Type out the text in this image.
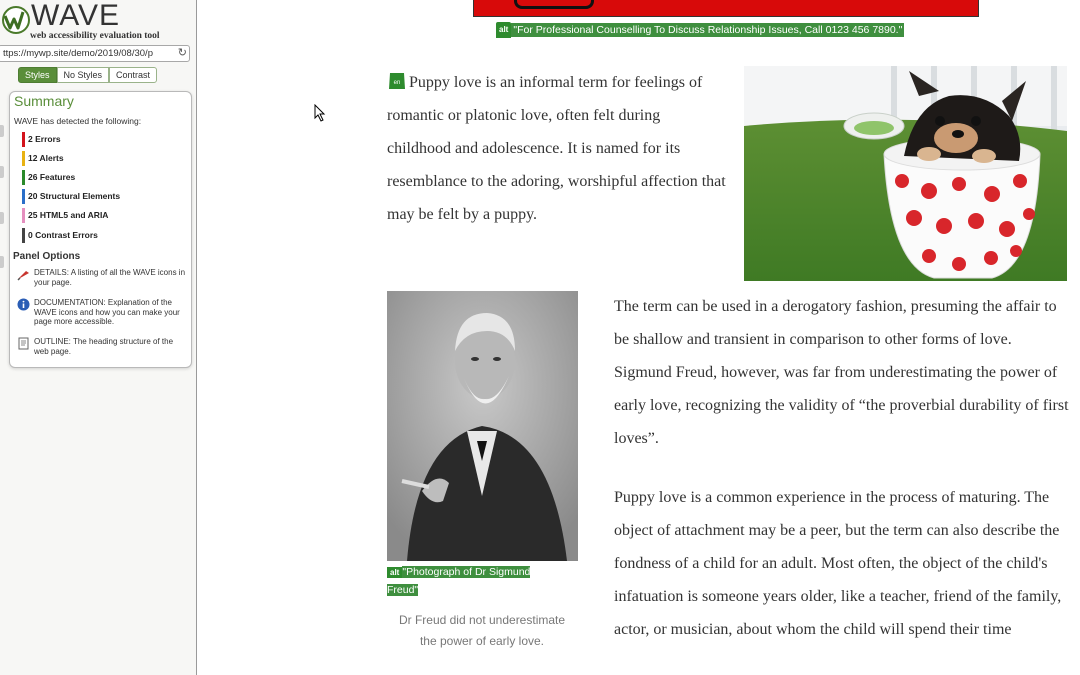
WAVE
web accessibility evaluation tool
ttps://mywp.site/demo/2019/08/30/p ↻
Styles	No Styles	Contrast
Summary
WAVE has detected the following:
2 Errors
12 Alerts
26 Features
20 Structural Elements
25 HTML5 and ARIA
0 Contrast Errors
Panel Options
DETAILS: A listing of all the WAVE icons in your page.
DOCUMENTATION: Explanation of the WAVE icons and how you can make your page more accessible.
OUTLINE: The heading structure of the web page.
alt "For Professional Counselling To Discuss Relationship Issues, Call 0123 456 7890."
en Puppy love is an informal term for feelings of romantic or platonic love, often felt during childhood and adolescence. It is named for its resemblance to the adoring, worshipful affection that may be felt by a puppy.
alt "Photograph of Dr Sigmund Freud"
Dr Freud did not underestimate the power of early love.
The term can be used in a derogatory fashion, presuming the affair to be shallow and transient in comparison to other forms of love. Sigmund Freud, however, was far from underestimating the power of early love, recognizing the validity of “the proverbial durability of first loves”.
Puppy love is a common experience in the process of maturing. The object of attachment may be a peer, but the term can also describe the fondness of a child for an adult. Most often, the object of the child's infatuation is someone years older, like a teacher, friend of the family, actor, or musician, about whom the child will spend their time
